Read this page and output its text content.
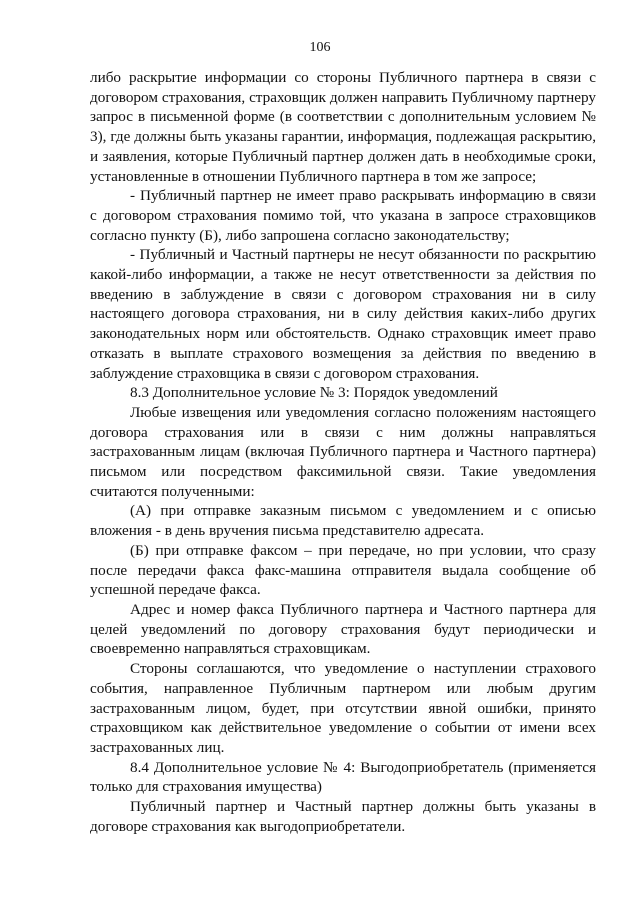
106

либо раскрытие информации со стороны Публичного партнера в связи с договором страхования, страховщик должен направить Публичному партнеру запрос в письменной форме (в соответствии с дополнительным условием № 3), где должны быть указаны гарантии, информация, подлежащая раскрытию, и заявления, которые Публичный партнер должен дать в необходимые сроки, установленные в отношении Публичного партнера в том же запросе;

- Публичный партнер не имеет право раскрывать информацию в связи с договором страхования помимо той, что указана в запросе страховщиков согласно пункту (Б), либо запрошена согласно законодательству;

- Публичный и Частный партнеры не несут обязанности по раскрытию какой-либо информации, а также не несут ответственности за действия по введению в заблуждение в связи с договором страхования ни в силу настоящего договора страхования, ни в силу действия каких-либо других законодательных норм или обстоятельств. Однако страховщик имеет право отказать в выплате страхового возмещения за действия по введению в заблуждение страховщика в связи с договором страхования.

8.3 Дополнительное условие № 3: Порядок уведомлений

Любые извещения или уведомления согласно положениям настоящего договора страхования или в связи с ним должны направляться застрахованным лицам (включая Публичного партнера и Частного партнера) письмом или посредством факсимильной связи. Такие уведомления считаются полученными:

(А) при отправке заказным письмом с уведомлением и с описью вложения - в день вручения письма представителю адресата.

(Б) при отправке факсом – при передаче, но при условии, что сразу после передачи факса факс-машина отправителя выдала сообщение об успешной передаче факса.

Адрес и номер факса Публичного партнера и Частного партнера для целей уведомлений по договору страхования будут периодически и своевременно направляться страховщикам.

Стороны соглашаются, что уведомление о наступлении страхового события, направленное Публичным партнером или любым другим застрахованным лицом, будет, при отсутствии явной ошибки, принято страховщиком как действительное уведомление о событии от имени всех застрахованных лиц.

8.4 Дополнительное условие № 4: Выгодоприобретатель (применяется только для страхования имущества)

Публичный партнер и Частный партнер должны быть указаны в договоре страхования как выгодоприобретатели.
